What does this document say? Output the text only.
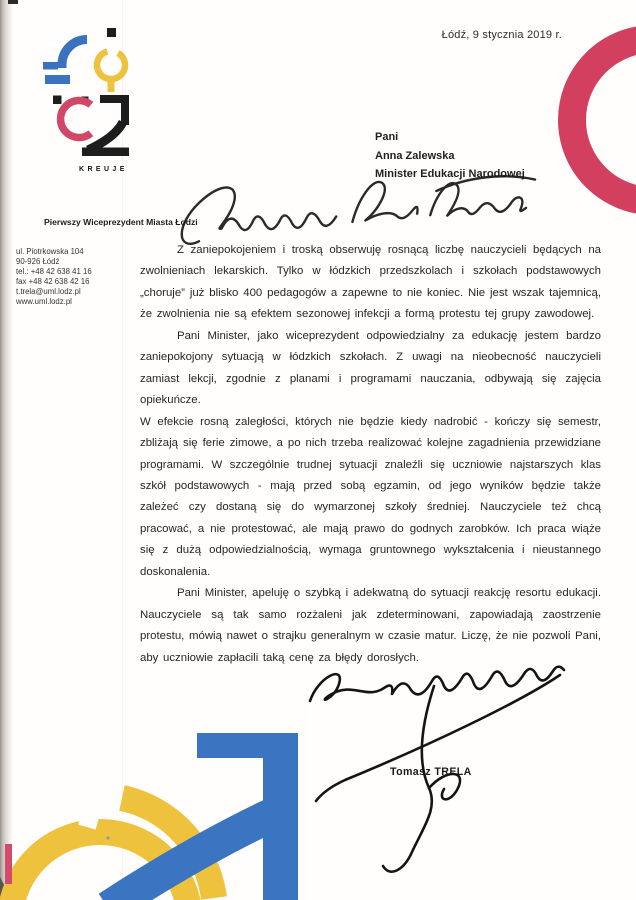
Łódź, 9 stycznia 2019 r.
KREUJE
Pierwszy Wiceprezydent Miasta Łodzi
ul. Piotrkowska 104
90-926 Łódź
tel.: +48 42 638 41 16
fax +48 42 638 42 16
t.trela@uml.lodz.pl
www.uml.lodz.pl
Pani
Anna Zalewska
Minister Edukacji Narodowej

Z zaniepokojeniem i troską obserwuję rosnącą liczbę nauczycieli będących na zwolnieniach lekarskich. Tylko w łódzkich przedszkolach i szkołach podstawowych „choruje” już blisko 400 pedagogów a zapewne to nie koniec. Nie jest wszak tajemnicą, że zwolnienia nie są efektem sezonowej infekcji a formą protestu tej grupy zawodowej.

Pani Minister, jako wiceprezydent odpowiedzialny za edukację jestem bardzo zaniepokojony sytuacją w łódzkich szkołach. Z uwagi na nieobecność nauczycieli zamiast lekcji, zgodnie z planami i programami nauczania, odbywają się zajęcia opiekuńcze.

W efekcie rosną zaległości, których nie będzie kiedy nadrobić - kończy się semestr, zbliżają się ferie zimowe, a po nich trzeba realizować kolejne zagadnienia przewidziane programami. W szczególnie trudnej sytuacji znaleźli się uczniowie najstarszych klas szkół podstawowych - mają przed sobą egzamin, od jego wyników będzie także zależeć czy dostaną się do wymarzonej szkoły średniej. Nauczyciele też chcą pracować, a nie protestować, ale mają prawo do godnych zarobków. Ich praca wiąże się z dużą odpowiedzialnością, wymaga gruntownego wykształcenia i nieustannego doskonalenia.

Pani Minister, apeluję o szybką i adekwatną do sytuacji reakcję resortu edukacji. Nauczyciele są tak samo rozżaleni jak zdeterminowani, zapowiadają zaostrzenie protestu, mówią nawet o strajku generalnym w czasie matur. Liczę, że nie pozwoli Pani, aby uczniowie zapłacili taką cenę za błędy dorosłych.

Tomasz TRELA
